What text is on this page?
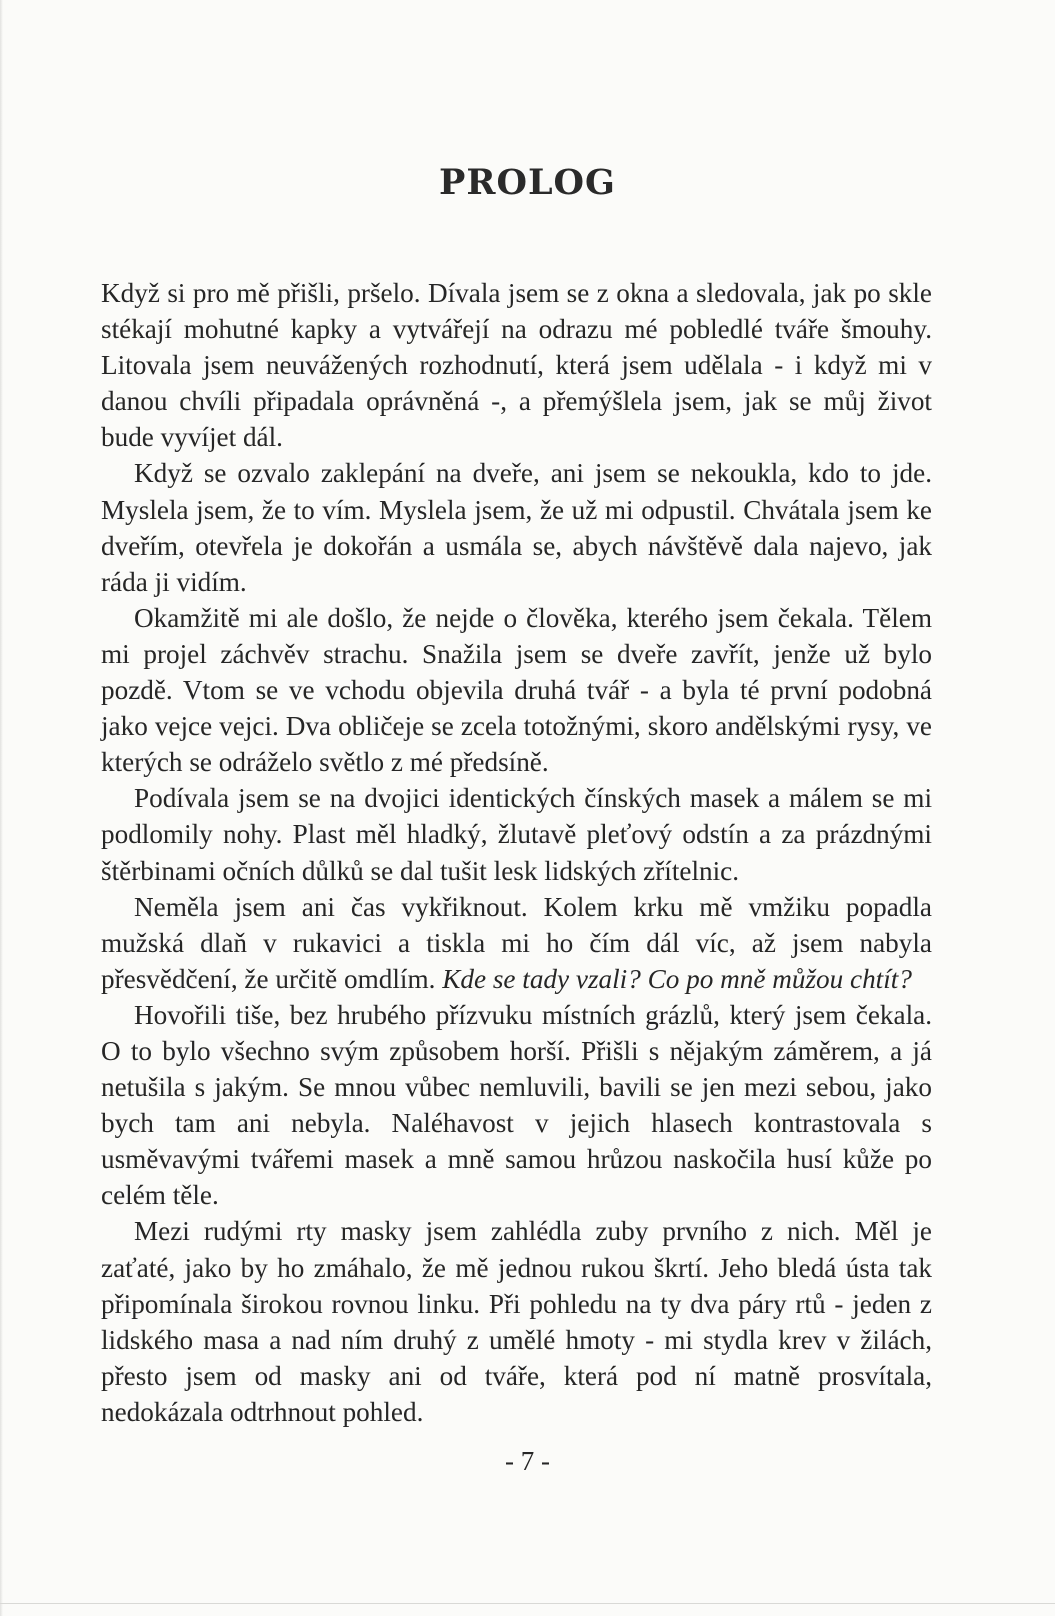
PROLOG

Když si pro mě přišli, pršelo. Dívala jsem se z okna a sledovala, jak po skle stékají mohutné kapky a vytvářejí na odrazu mé pobledlé tváře šmouhy. Litovala jsem neuvážených rozhodnutí, která jsem udělala - i když mi v danou chvíli připadala oprávněná -, a přemýšlela jsem, jak se můj život bude vyvíjet dál.

Když se ozvalo zaklepání na dveře, ani jsem se nekoukla, kdo to jde. Myslela jsem, že to vím. Myslela jsem, že už mi odpustil. Chvátala jsem ke dveřím, otevřela je dokořán a usmála se, abych návštěvě dala najevo, jak ráda ji vidím.

Okamžitě mi ale došlo, že nejde o člověka, kterého jsem čekala. Tělem mi projel záchvěv strachu. Snažila jsem se dveře zavřít, jenže už bylo pozdě. Vtom se ve vchodu objevila druhá tvář - a byla té první podobná jako vejce vejci. Dva obličeje se zcela totožnými, skoro andělskými rysy, ve kterých se odráželo světlo z mé předsíně.

Podívala jsem se na dvojici identických čínských masek a málem se mi podlomily nohy. Plast měl hladký, žlutavě pleťový odstín a za prázdnými štěrbinami očních důlků se dal tušit lesk lidských zřítelnic.

Neměla jsem ani čas vykřiknout. Kolem krku mě vmžiku popadla mužská dlaň v rukavici a tiskla mi ho čím dál víc, až jsem nabyla přesvědčení, že určitě omdlím. Kde se tady vzali? Co po mně můžou chtít?

Hovořili tiše, bez hrubého přízvuku místních grázlů, který jsem čekala. O to bylo všechno svým způsobem horší. Přišli s nějakým záměrem, a já netušila s jakým. Se mnou vůbec nemluvili, bavili se jen mezi sebou, jako bych tam ani nebyla. Naléhavost v jejich hlasech kontrastovala s usměvavými tvářemi masek a mně samou hrůzou naskočila husí kůže po celém těle.

Mezi rudými rty masky jsem zahlédla zuby prvního z nich. Měl je zaťaté, jako by ho zmáhalo, že mě jednou rukou škrtí. Jeho bledá ústa tak připomínala širokou rovnou linku. Při pohledu na ty dva páry rtů - jeden z lidského masa a nad ním druhý z umělé hmoty - mi stydla krev v žilách, přesto jsem od masky ani od tváře, která pod ní matně prosvítala, nedokázala odtrhnout pohled.

- 7 -
